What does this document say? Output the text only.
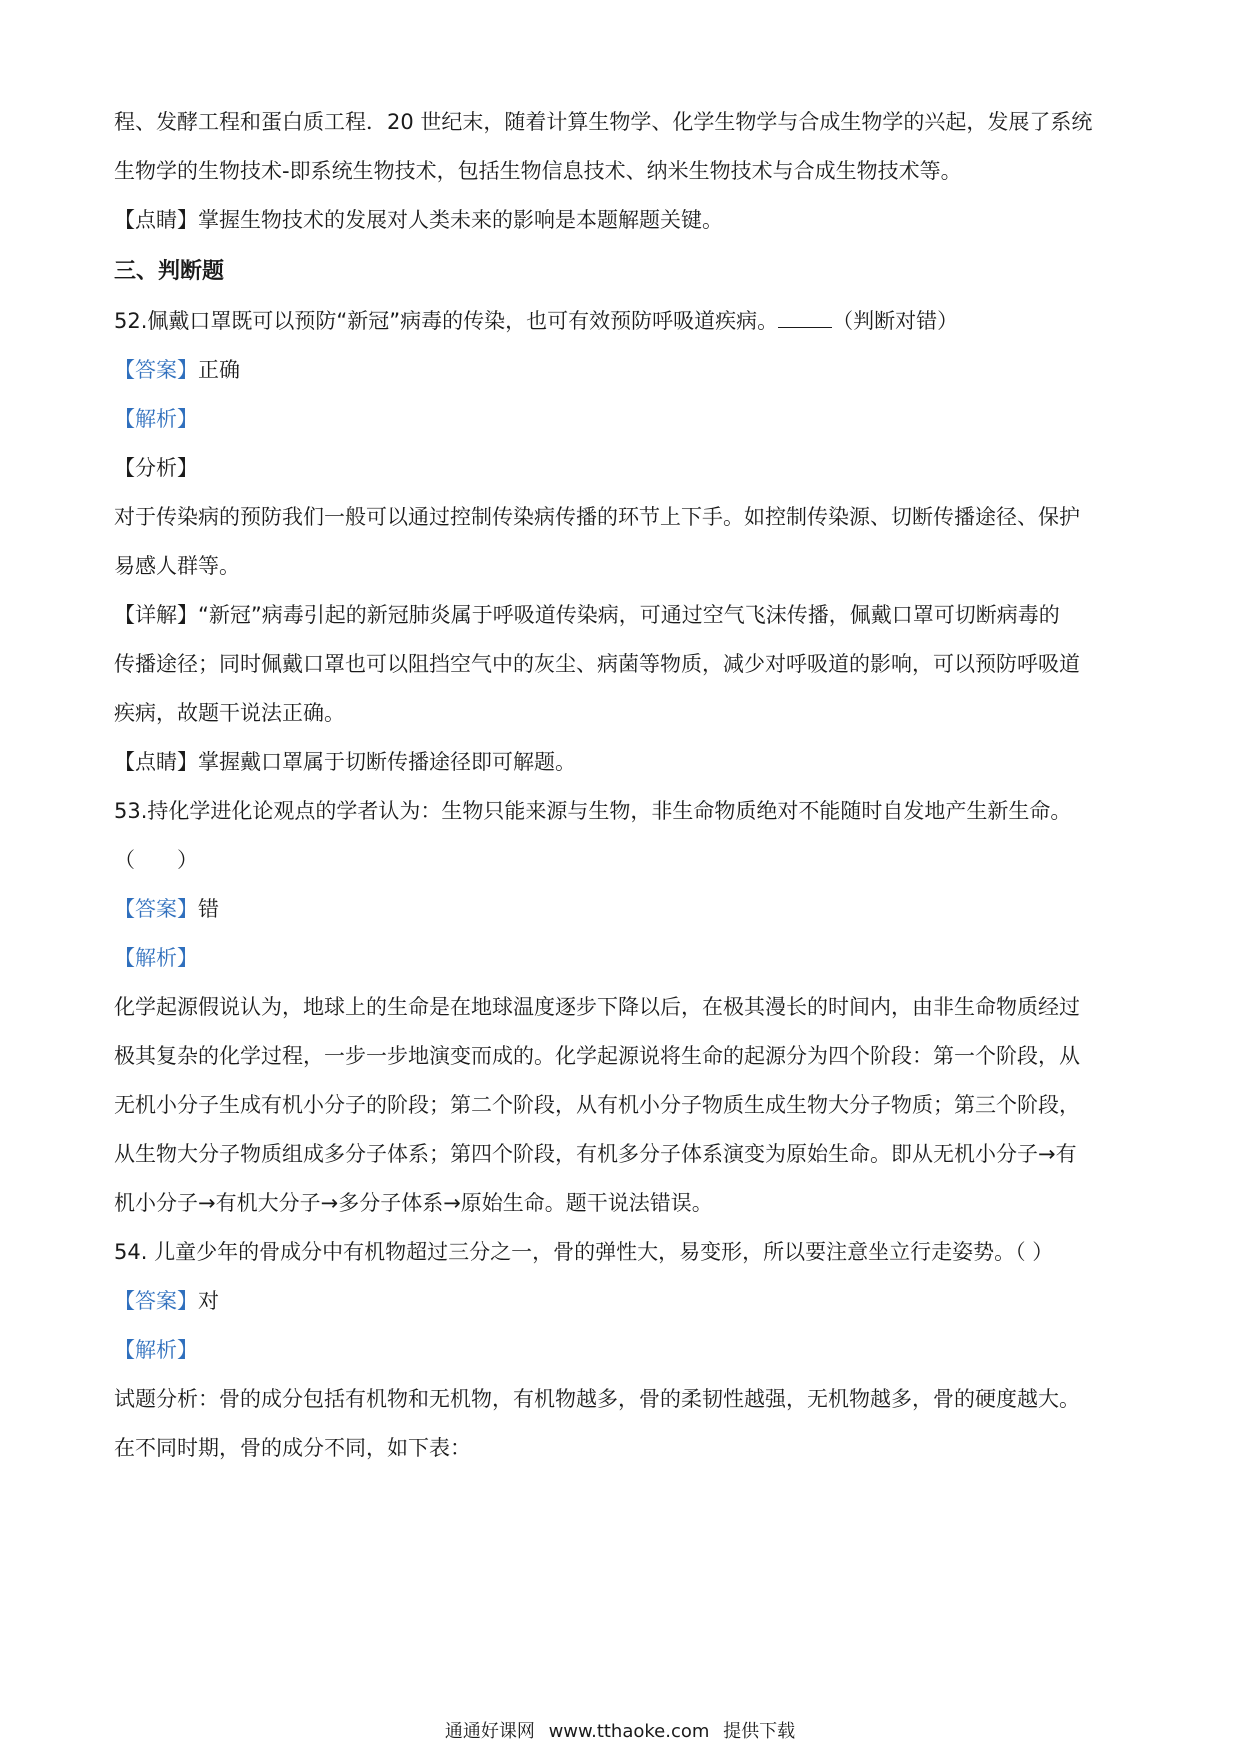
程、发酵工程和蛋白质工程．20 世纪末，随着计算生物学、化学生物学与合成生物学的兴起，发展了系统
生物学的生物技术-即系统生物技术，包括生物信息技术、纳米生物技术与合成生物技术等。
【点睛】掌握生物技术的发展对人类未来的影响是本题解题关键。
三、判断题
52.佩戴口罩既可以预防“新冠”病毒的传染，也可有效预防呼吸道疾病。	（判断对错）
【答案】正确
【解析】
【分析】
对于传染病的预防我们一般可以通过控制传染病传播的环节上下手。如控制传染源、切断传播途径、保护
易感人群等。
【详解】“新冠”病毒引起的新冠肺炎属于呼吸道传染病，可通过空气飞沫传播，佩戴口罩可切断病毒的
传播途径；同时佩戴口罩也可以阻挡空气中的灰尘、病菌等物质，减少对呼吸道的影响，可以预防呼吸道
疾病，故题干说法正确。
【点睛】掌握戴口罩属于切断传播途径即可解题。
53.持化学进化论观点的学者认为：生物只能来源与生物，非生命物质绝对不能随时自发地产生新生命。
（　　）
【答案】错
【解析】
化学起源假说认为，地球上的生命是在地球温度逐步下降以后，在极其漫长的时间内，由非生命物质经过
极其复杂的化学过程，一步一步地演变而成的。化学起源说将生命的起源分为四个阶段：第一个阶段，从
无机小分子生成有机小分子的阶段；第二个阶段，从有机小分子物质生成生物大分子物质；第三个阶段，
从生物大分子物质组成多分子体系；第四个阶段，有机多分子体系演变为原始生命。即从无机小分子→有
机小分子→有机大分子→多分子体系→原始生命。题干说法错误。
54. 儿童少年的骨成分中有机物超过三分之一，骨的弹性大，易变形，所以要注意坐立行走姿势。（ ）
【答案】对
【解析】
试题分析：骨的成分包括有机物和无机物，有机物越多，骨的柔韧性越强，无机物越多，骨的硬度越大。
在不同时期，骨的成分不同，如下表：
通通好课网 www.tthaoke.com 提供下载
